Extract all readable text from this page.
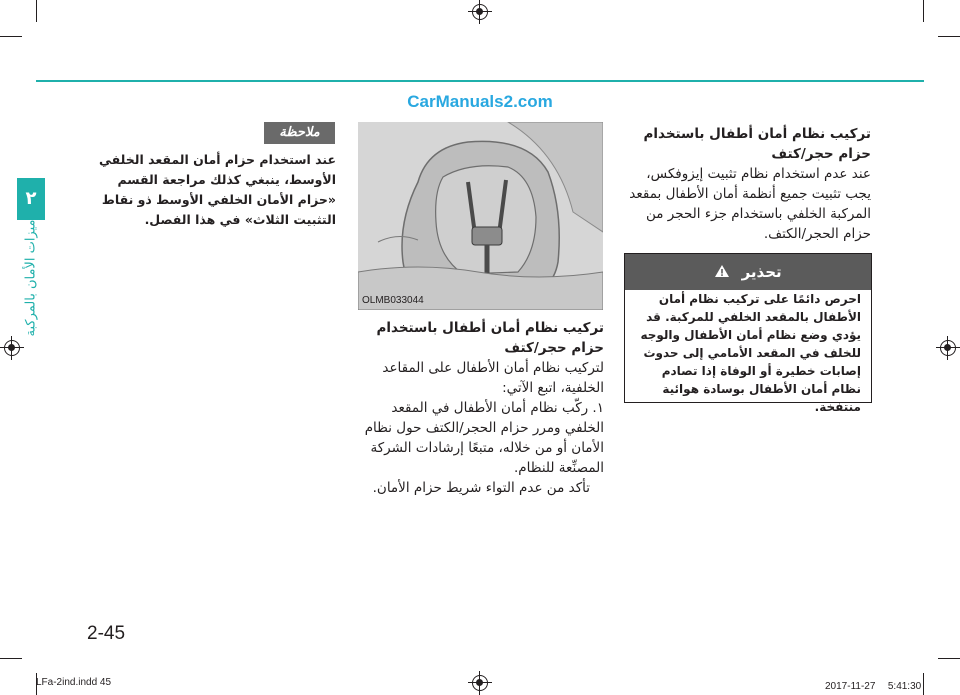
CarManuals2.com
٢
ميزات الأمان بالمركبة
تركيب نظام أمان أطفال باستخدام حزام حجر/كتف
عند عدم استخدام نظام تثبيت إيزوفكس، يجب تثبيت جميع أنظمة أمان الأطفال بمقعد المركبة الخلفي باستخدام جزء الحجر من حزام الحجر/الكتف.
تحذير
احرص دائمًا على تركيب نظام أمان الأطفال بالمقعد الخلفي للمركبة. قد يؤدي وضع نظام أمان الأطفال والوجه للخلف في المقعد الأمامي إلى حدوث إصابات خطيرة أو الوفاة إذا تصادم نظام أمان الأطفال بوسادة هوائية منتفخة.
OLMB033044
تركيب نظام أمان أطفال باستخدام حزام حجر/كتف
لتركيب نظام أمان الأطفال على المقاعد الخلفية، اتبع الآتي:
١. ركّب نظام أمان الأطفال في المقعد الخلفي ومرر حزام الحجر/الكتف حول نظام الأمان أو من خلاله، متبعًا إرشادات الشركة المصنِّعة للنظام.
تأكد من عدم التواء شريط حزام الأمان.
ملاحظة
عند استخدام حزام أمان المقعد الخلفي الأوسط، ينبغي كذلك مراجعة القسم «حزام الأمان الخلفي الأوسط ذو نقاط التثبيت الثلاث» في هذا الفصل.
2-45
LFa-2ind.indd 45	2017-11-27 ᅟ5:41:30
